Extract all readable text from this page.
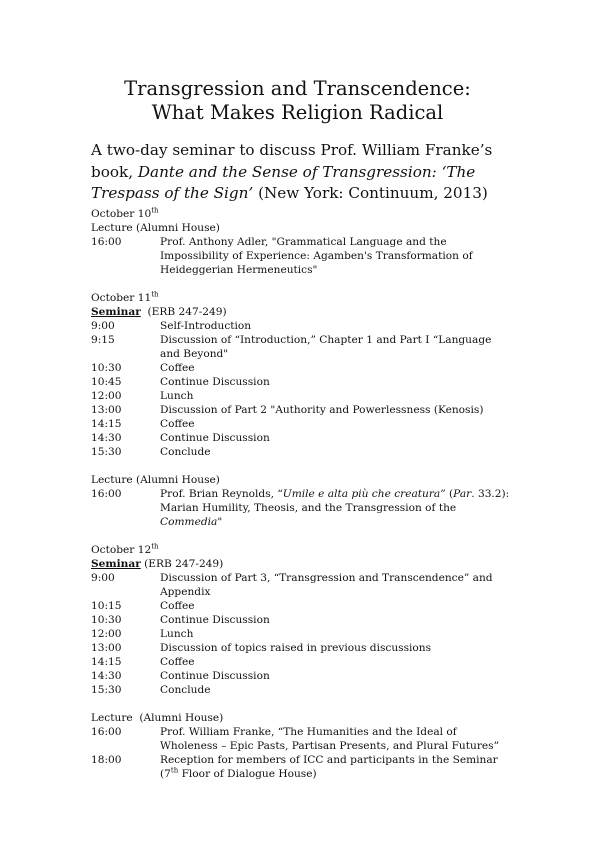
Transgression and Transcendence:
What Makes Religion Radical
A two-day seminar to discuss Prof. William Franke’s book, Dante and the Sense of Transgression: ‘The Trespass of the Sign’ (New York: Continuum, 2013)
October 10th
Lecture (Alumni House)
16:00	Prof. Anthony Adler, "Grammatical Language and the Impossibility of Experience: Agamben's Transformation of Heideggerian Hermeneutics"
October 11th
Seminar  (ERB 247-249)
9:00	Self-Introduction
9:15	Discussion of “Introduction,” Chapter 1 and Part I “Language and Beyond"
10:30	Coffee
10:45	Continue Discussion
12:00	Lunch
13:00	Discussion of Part 2 "Authority and Powerlessness (Kenosis)
14:15	Coffee
14:30	Continue Discussion
15:30	Conclude
Lecture (Alumni House)
16:00	Prof. Brian Reynolds, “Umile e alta più che creatura” (Par. 33.2): Marian Humility, Theosis, and the Transgression of the Commedia"
October 12th
Seminar (ERB 247-249)
9:00	Discussion of Part 3, “Transgression and Transcendence” and Appendix
10:15	Coffee
10:30	Continue Discussion
12:00	Lunch
13:00	Discussion of topics raised in previous discussions
14:15	Coffee
14:30	Continue Discussion
15:30	Conclude
Lecture  (Alumni House)
16:00	Prof. William Franke, “The Humanities and the Ideal of Wholeness – Epic Pasts, Partisan Presents, and Plural Futures”
18:00	Reception for members of ICC and participants in the Seminar (7th Floor of Dialogue House)
